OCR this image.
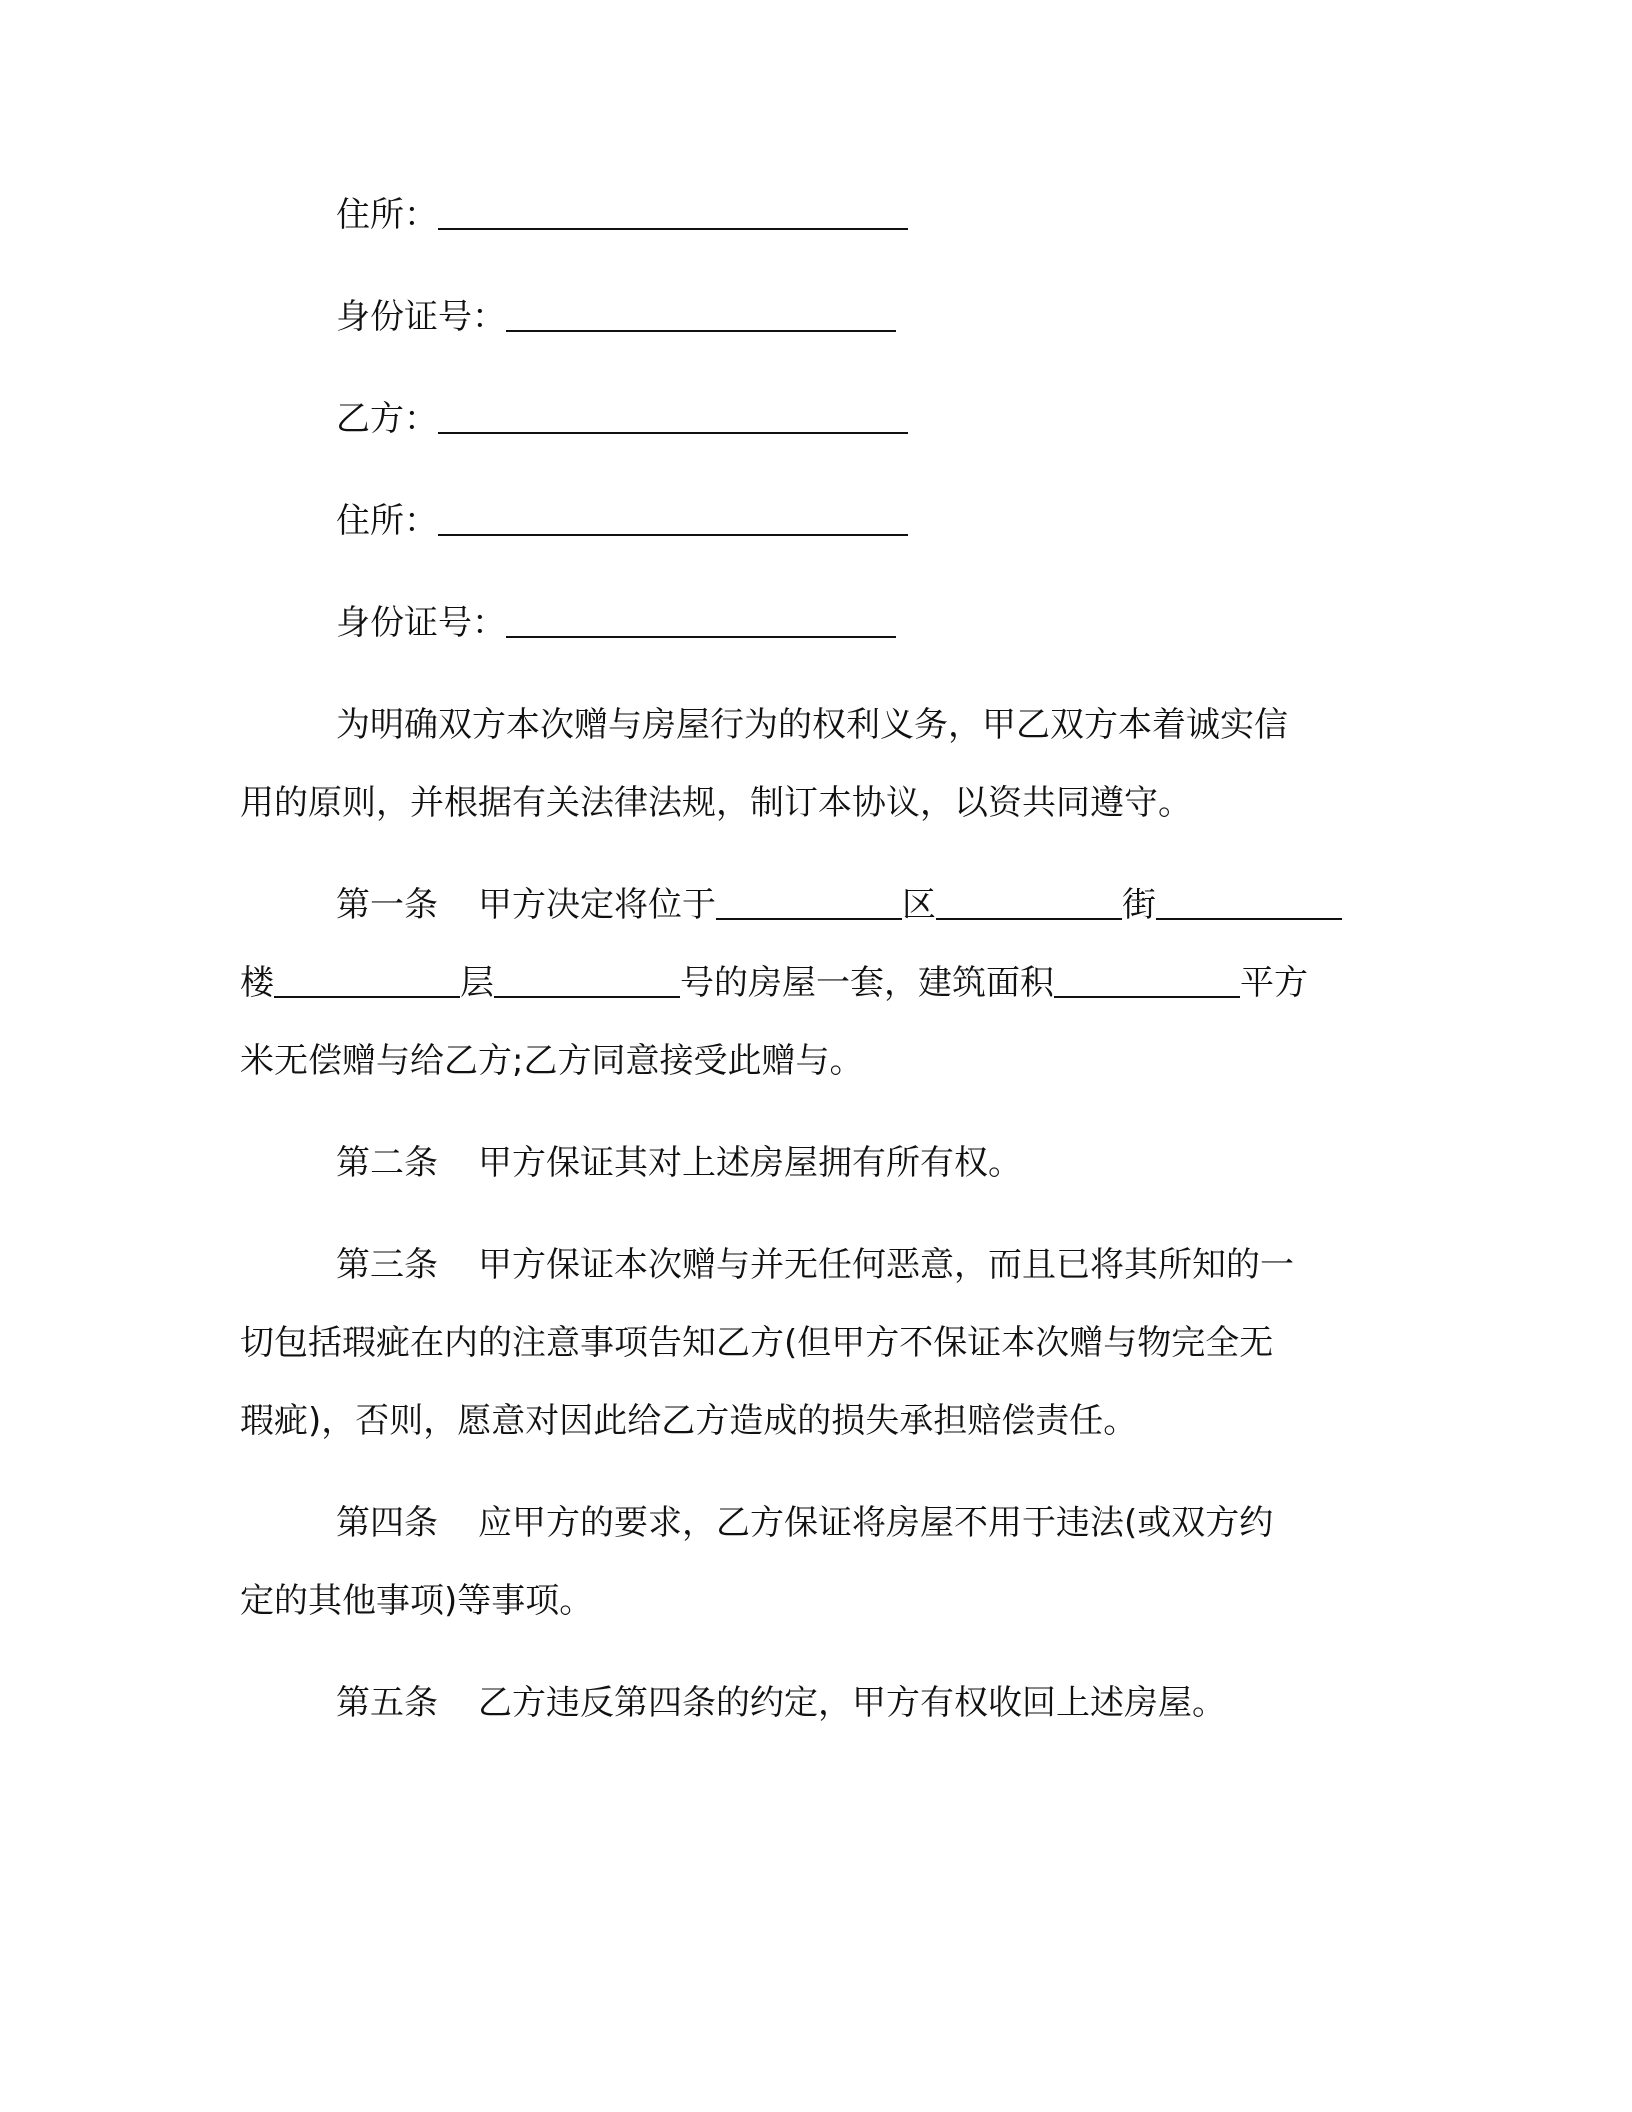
住所：
身份证号：
乙方：
住所：
身份证号：
为明确双方本次赠与房屋行为的权利义务，甲乙双方本着诚实信
用的原则，并根据有关法律法规，制订本协议，以资共同遵守。
第一条 甲方决定将位于	区	街
楼	层	号的房屋一套，建筑面积	平方
米无偿赠与给乙方;乙方同意接受此赠与。
第二条 甲方保证其对上述房屋拥有所有权。
第三条 甲方保证本次赠与并无任何恶意，而且已将其所知的一
切包括瑕疵在内的注意事项告知乙方(但甲方不保证本次赠与物完全无
瑕疵)，否则，愿意对因此给乙方造成的损失承担赔偿责任。
第四条 应甲方的要求，乙方保证将房屋不用于违法(或双方约
定的其他事项)等事项。
第五条 乙方违反第四条的约定，甲方有权收回上述房屋。
